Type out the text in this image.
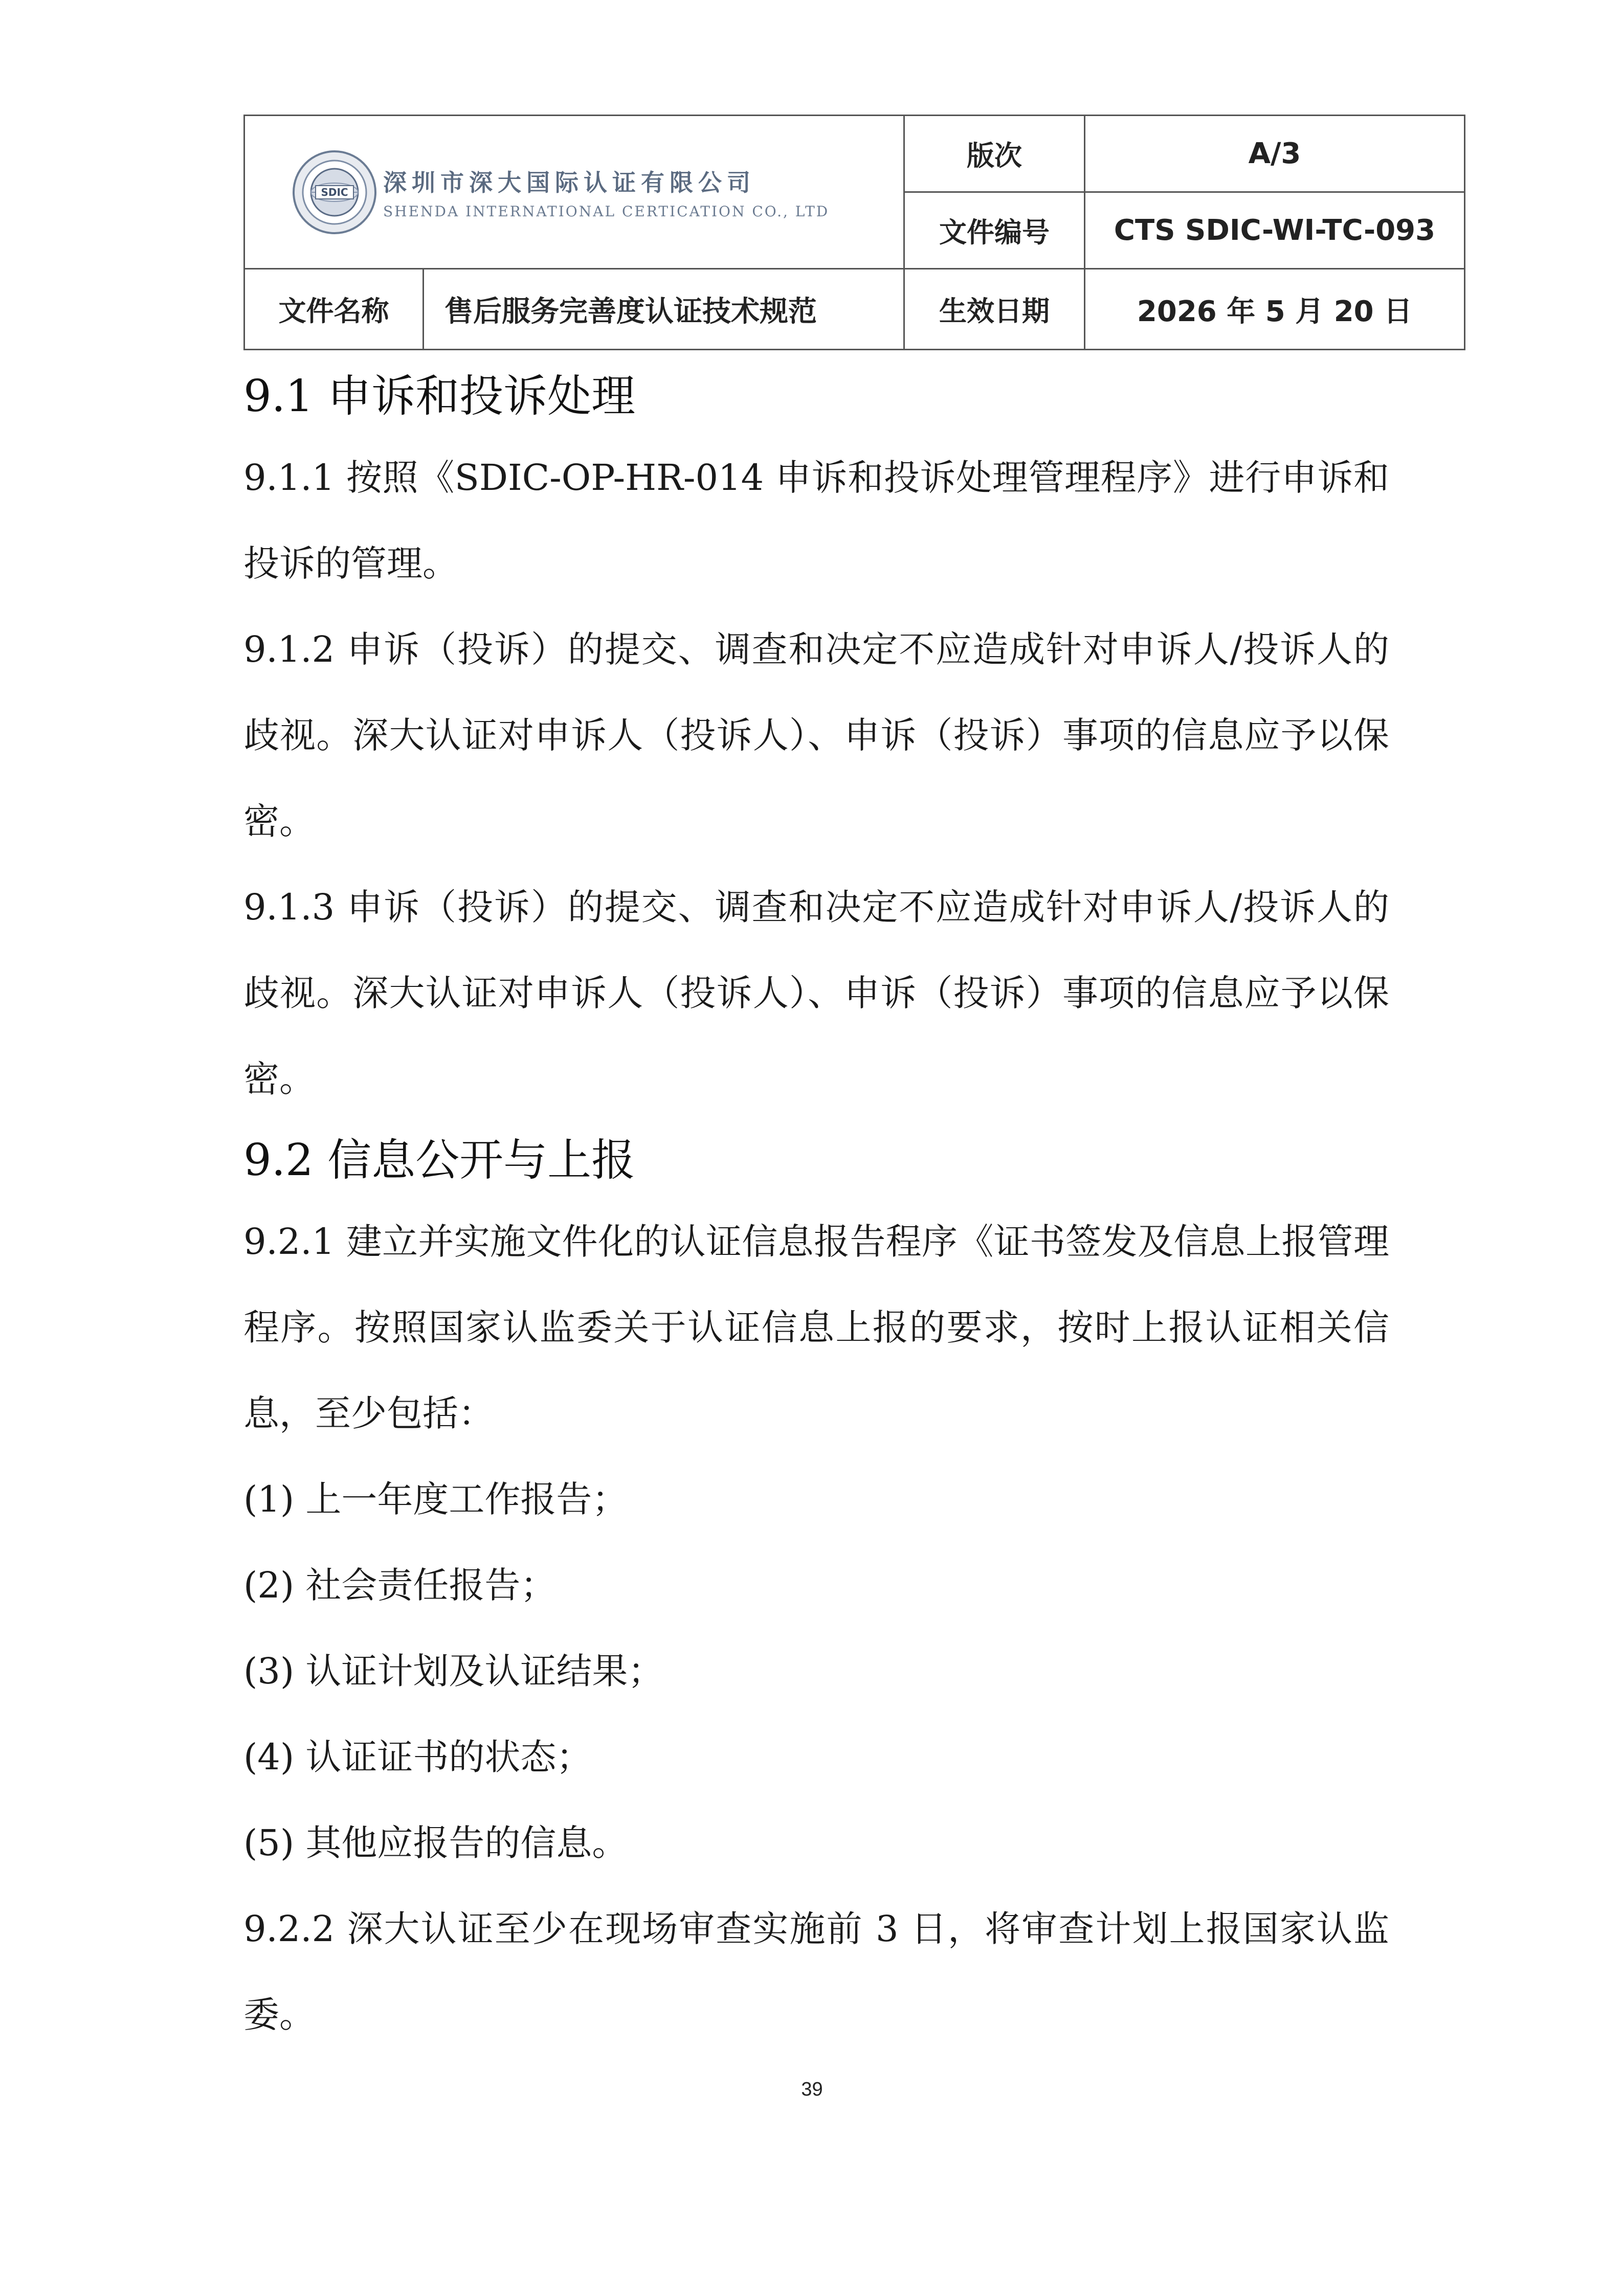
SDIC 深圳市深大国际认证有限公司
SHENDA INTERNATIONAL CERTICATION CO., LTD		版次	A/3
		文件编号	CTS SDIC-WI-TC-093
文件名称	售后服务完善度认证技术规范	生效日期	2026 年 5 月 20 日
9.1 申诉和投诉处理

9.1.1 按照《SDIC-OP-HR-014 申诉和投诉处理管理程序》进行申诉和投诉的管理。

9.1.2 申诉（投诉）的提交、调查和决定不应造成针对申诉人/投诉人的歧视。深大认证对申诉人（投诉人）、申诉（投诉）事项的信息应予以保密。

9.1.3 申诉（投诉）的提交、调查和决定不应造成针对申诉人/投诉人的歧视。深大认证对申诉人（投诉人）、申诉（投诉）事项的信息应予以保密。

9.2 信息公开与上报

9.2.1 建立并实施文件化的认证信息报告程序《证书签发及信息上报管理程序。按照国家认监委关于认证信息上报的要求，按时上报认证相关信息，至少包括：

(1) 上一年度工作报告；

(2) 社会责任报告；

(3) 认证计划及认证结果；

(4) 认证证书的状态；

(5) 其他应报告的信息。

9.2.2 深大认证至少在现场审查实施前 3 日，将审查计划上报国家认监委。

39
